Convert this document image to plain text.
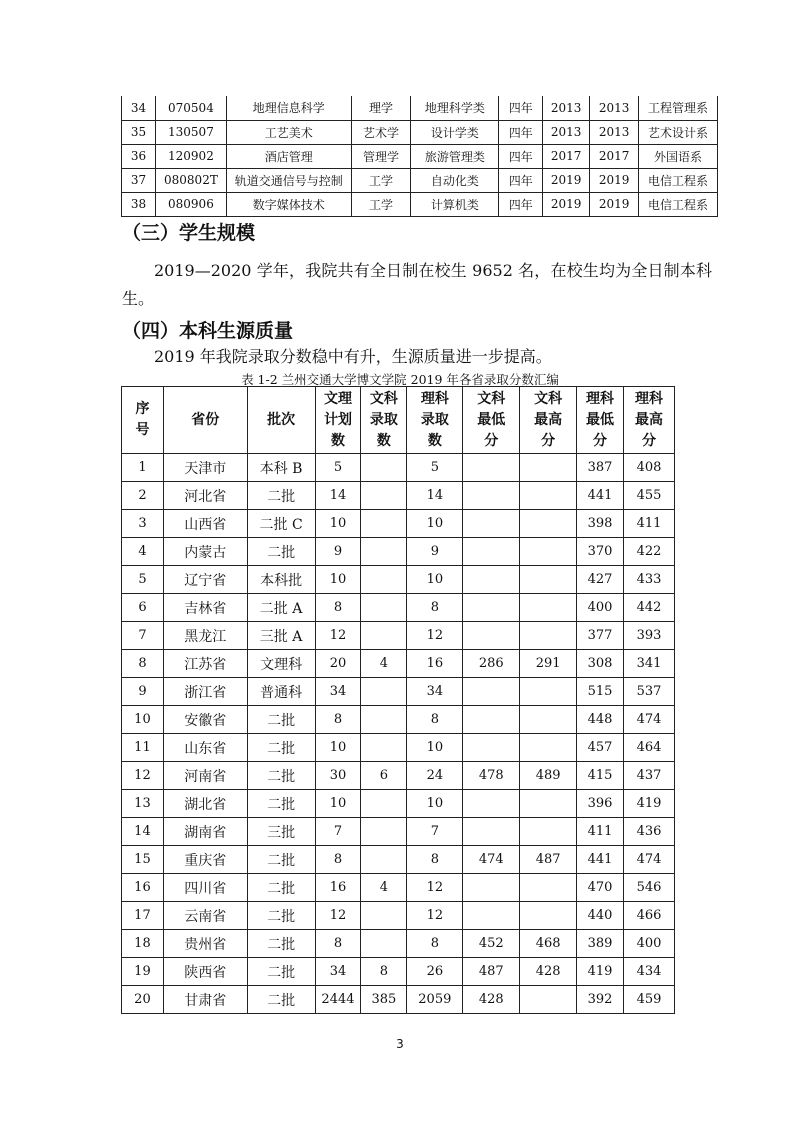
34	070504	地理信息科学	理学	地理科学类	四年	2013	2013	工程管理系
35	130507	工艺美术	艺术学	设计学类	四年	2013	2013	艺术设计系
36	120902	酒店管理	管理学	旅游管理类	四年	2017	2017	外国语系
37	080802T	轨道交通信号与控制	工学	自动化类	四年	2019	2019	电信工程系
38	080906	数字媒体技术	工学	计算机类	四年	2019	2019	电信工程系
（三）学生规模
2019—2020 学年，我院共有全日制在校生 9652 名，在校生均为全日制本科生。
（四）本科生源质量
2019 年我院录取分数稳中有升，生源质量进一步提高。
表 1-2 兰州交通大学博文学院 2019 年各省录取分数汇编
序
号	省份	批次	文理
计划
数	文科
录取
数	理科
录取
数	文科
最低
分	文科
最高
分	理科
最低
分	理科
最高
分
1	天津市	本科 B	5		5			387	408
2	河北省	二批	14		14			441	455
3	山西省	二批 C	10		10			398	411
4	内蒙古	二批	9		9			370	422
5	辽宁省	本科批	10		10			427	433
6	吉林省	二批 A	8		8			400	442
7	黑龙江	三批 A	12		12			377	393
8	江苏省	文理科	20	4	16	286	291	308	341
9	浙江省	普通科	34		34			515	537
10	安徽省	二批	8		8			448	474
11	山东省	二批	10		10			457	464
12	河南省	二批	30	6	24	478	489	415	437
13	湖北省	二批	10		10			396	419
14	湖南省	三批	7		7			411	436
15	重庆省	二批	8		8	474	487	441	474
16	四川省	二批	16	4	12			470	546
17	云南省	二批	12		12			440	466
18	贵州省	二批	8		8	452	468	389	400
19	陕西省	二批	34	8	26	487	428	419	434
20	甘肃省	二批	2444	385	2059	428		392	459
3
